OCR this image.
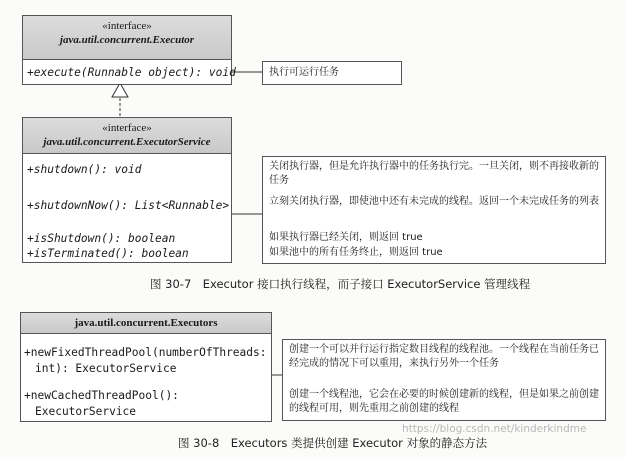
«interface»
java.util.concurrent.Executor
+execute(Runnable object): void	执行可运行任务

«interface»
java.util.concurrent.ExecutorService
+shutdown(): void
+shutdownNow(): List<Runnable>
+isShutdown(): boolean
+isTerminated(): boolean

关闭执行器，但是允许执行器中的任务执行完。一旦关闭，则不再接收新的任务

立刻关闭执行器，即使池中还有未完成的线程。返回一个未完成任务的列表

如果执行器已经关闭，则返回 true

如果池中的所有任务终止，则返回 true

图 30-7　Executor 接口执行线程，而子接口 ExecutorService 管理线程
java.util.concurrent.Executors
+newFixedThreadPool(numberOfThreads:
int): ExecutorService
+newCachedThreadPool():
ExecutorService

创建一个可以并行运行指定数目线程的线程池。一个线程在当前任务已经完成的情况下可以重用，来执行另外一个任务

创建一个线程池，它会在必要的时候创建新的线程，但是如果之前创建的线程可用，则先重用之前创建的线程

图 30-8　Executors 类提供创建 Executor 对象的静态方法
https://blog.csdn.net/kinderkindme
